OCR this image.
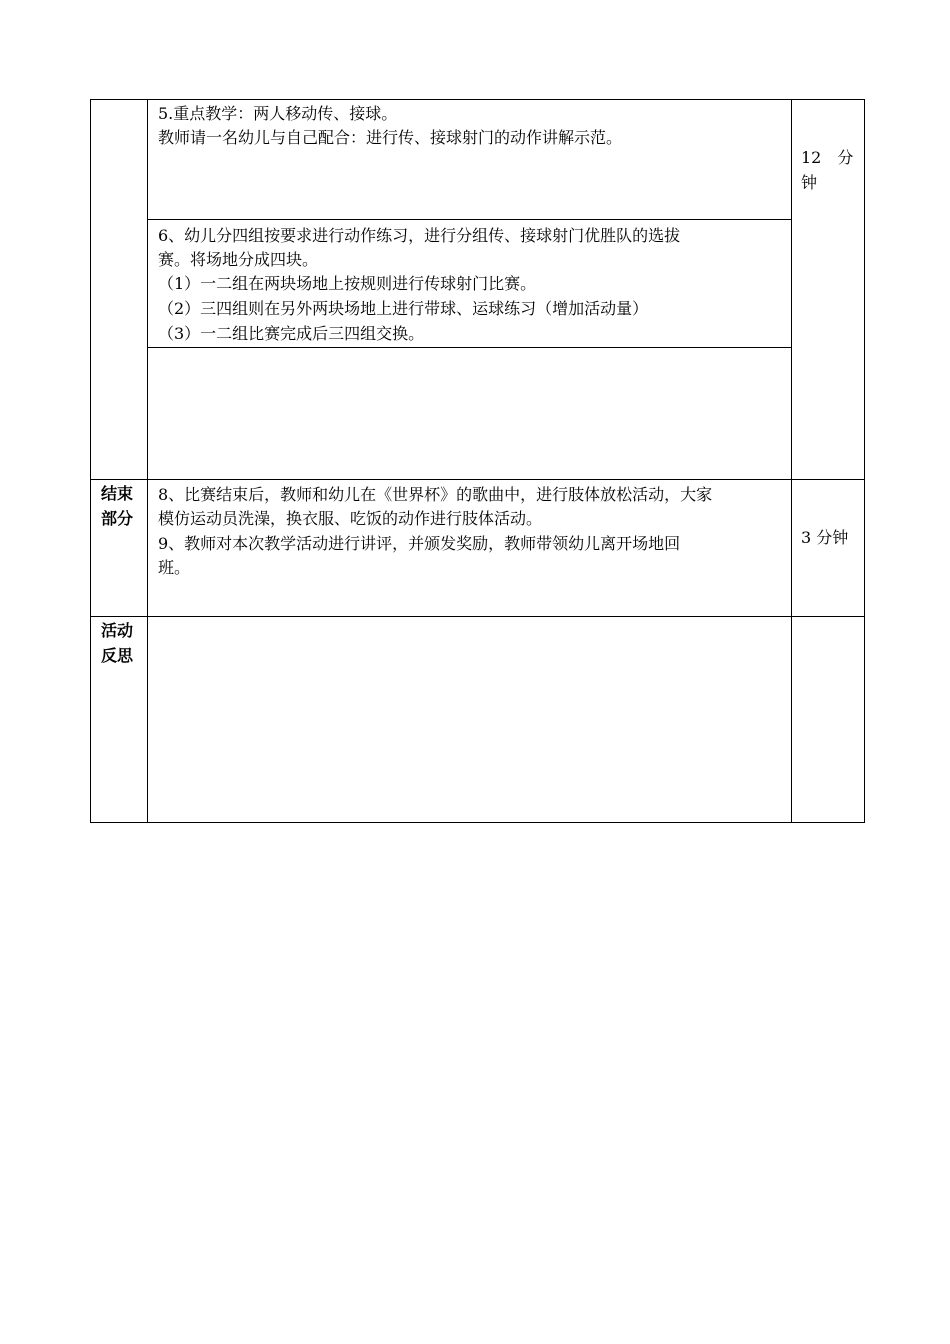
5.重点教学：两人移动传、接球。
教师请一名幼儿与自己配合：进行传、接球射门的动作讲解示范。
6、幼儿分四组按要求进行动作练习，进行分组传、接球射门优胜队的选拔
赛。将场地分成四块。
（1）一二组在两块场地上按规则进行传球射门比赛。
（2）三四组则在另外两块场地上进行带球、运球练习（增加活动量）
（3）一二组比赛完成后三四组交换。
12　分
钟
结束
部分
8、比赛结束后，教师和幼儿在《世界杯》的歌曲中，进行肢体放松活动，大家
模仿运动员洗澡，换衣服、吃饭的动作进行肢体活动。
9、教师对本次教学活动进行讲评，并颁发奖励，教师带领幼儿离开场地回
班。
3 分钟
活动
反思
